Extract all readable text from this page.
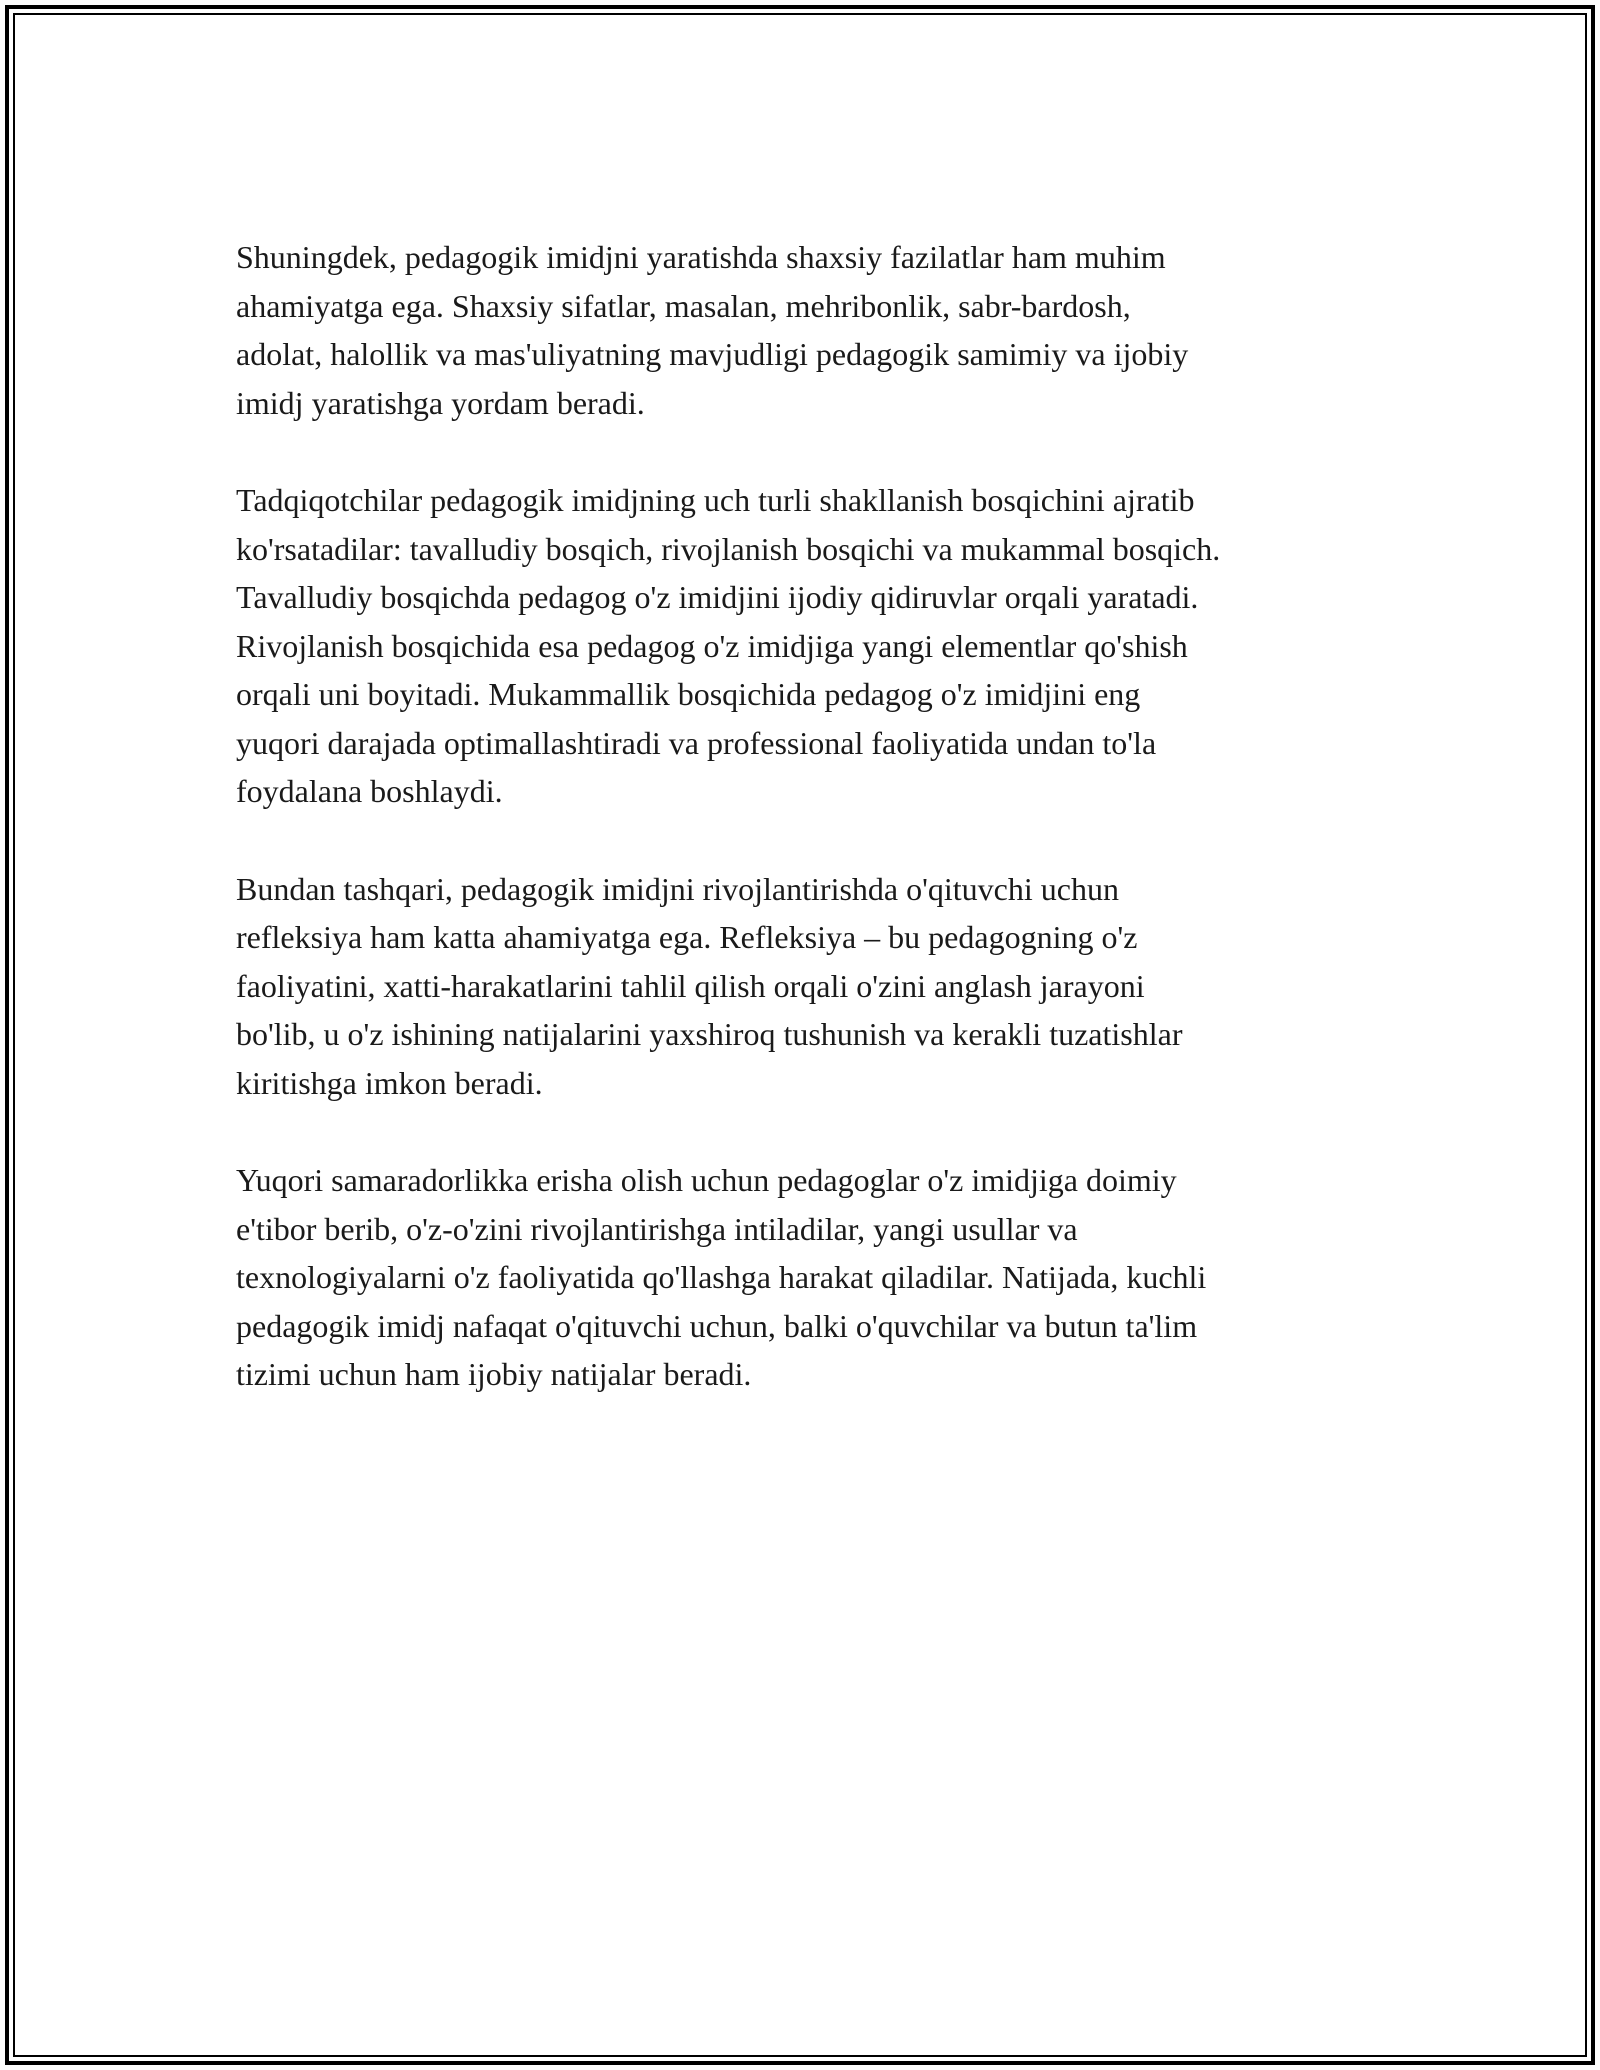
Shuningdek, pedagogik imidjni yaratishda shaxsiy fazilatlar ham muhim
ahamiyatga ega. Shaxsiy sifatlar, masalan, mehribonlik, sabr-bardosh,
adolat, halollik va mas'uliyatning mavjudligi pedagogik samimiy va ijobiy
imidj yaratishga yordam beradi.

Tadqiqotchilar pedagogik imidjning uch turli shakllanish bosqichini ajratib
ko'rsatadilar: tavalludiy bosqich, rivojlanish bosqichi va mukammal bosqich.
Tavalludiy bosqichda pedagog o'z imidjini ijodiy qidiruvlar orqali yaratadi.
Rivojlanish bosqichida esa pedagog o'z imidjiga yangi elementlar qo'shish
orqali uni boyitadi. Mukammallik bosqichida pedagog o'z imidjini eng
yuqori darajada optimallashtiradi va professional faoliyatida undan to'la
foydalana boshlaydi.

Bundan tashqari, pedagogik imidjni rivojlantirishda o'qituvchi uchun
refleksiya ham katta ahamiyatga ega. Refleksiya – bu pedagogning o'z
faoliyatini, xatti-harakatlarini tahlil qilish orqali o'zini anglash jarayoni
bo'lib, u o'z ishining natijalarini yaxshiroq tushunish va kerakli tuzatishlar
kiritishga imkon beradi.

Yuqori samaradorlikka erisha olish uchun pedagoglar o'z imidjiga doimiy
e'tibor berib, o'z-o'zini rivojlantirishga intiladilar, yangi usullar va
texnologiyalarni o'z faoliyatida qo'llashga harakat qiladilar. Natijada, kuchli
pedagogik imidj nafaqat o'qituvchi uchun, balki o'quvchilar va butun ta'lim
tizimi uchun ham ijobiy natijalar beradi.
